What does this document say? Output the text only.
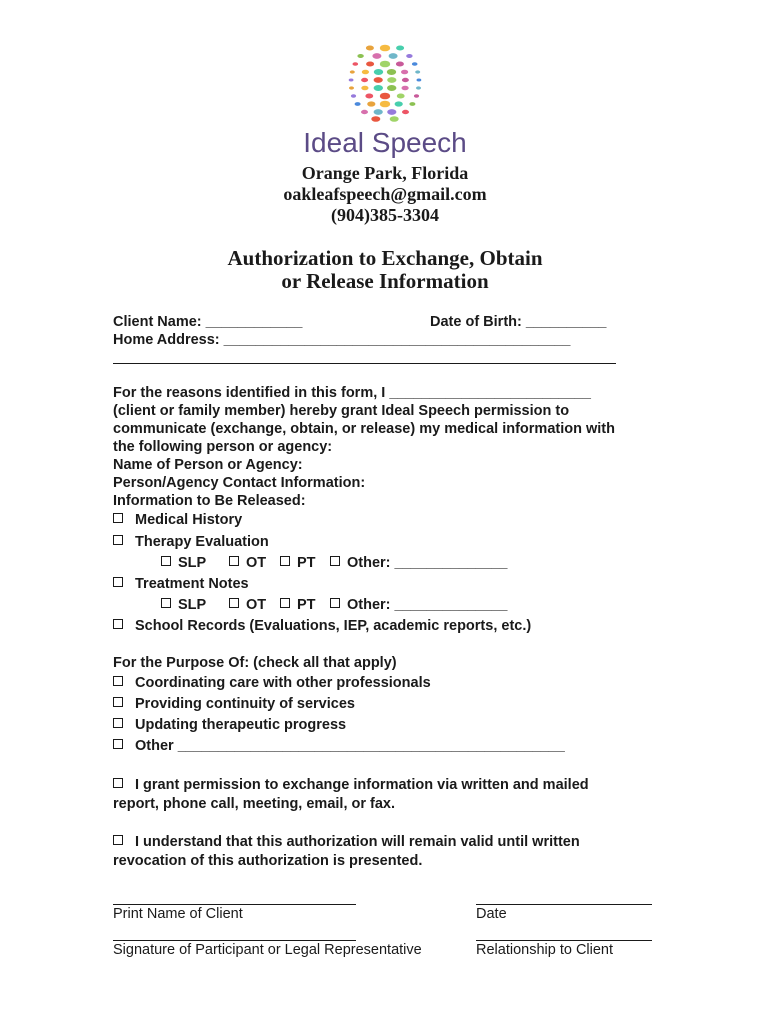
Ideal Speech
Orange Park, Florida
oakleafspeech@gmail.com
(904)385-3304
Authorization to Exchange, Obtain
or Release Information
Client Name: ____________	Date of Birth: __________
Home Address: ___________________________________________
For the reasons identified in this form, I _________________________
(client or family member) hereby grant Ideal Speech permission to
communicate (exchange, obtain, or release) my medical information with
the following person or agency:
Name of Person or Agency:
Person/Agency Contact Information:
Information to Be Released:
Medical History
Therapy Evaluation
SLP	OT	PT	Other: ______________
Treatment Notes
SLP	OT	PT	Other: ______________
School Records (Evaluations, IEP, academic reports, etc.)
For the Purpose Of: (check all that apply)
Coordinating care with other professionals
Providing continuity of services
Updating therapeutic progress
Other ________________________________________________
I grant permission to exchange information via written and mailed
report, phone call, meeting, email, or fax.
I understand that this authorization will remain valid until written
revocation of this authorization is presented.
Print Name of Client	Date
Signature of Participant or Legal Representative	Relationship to Client
